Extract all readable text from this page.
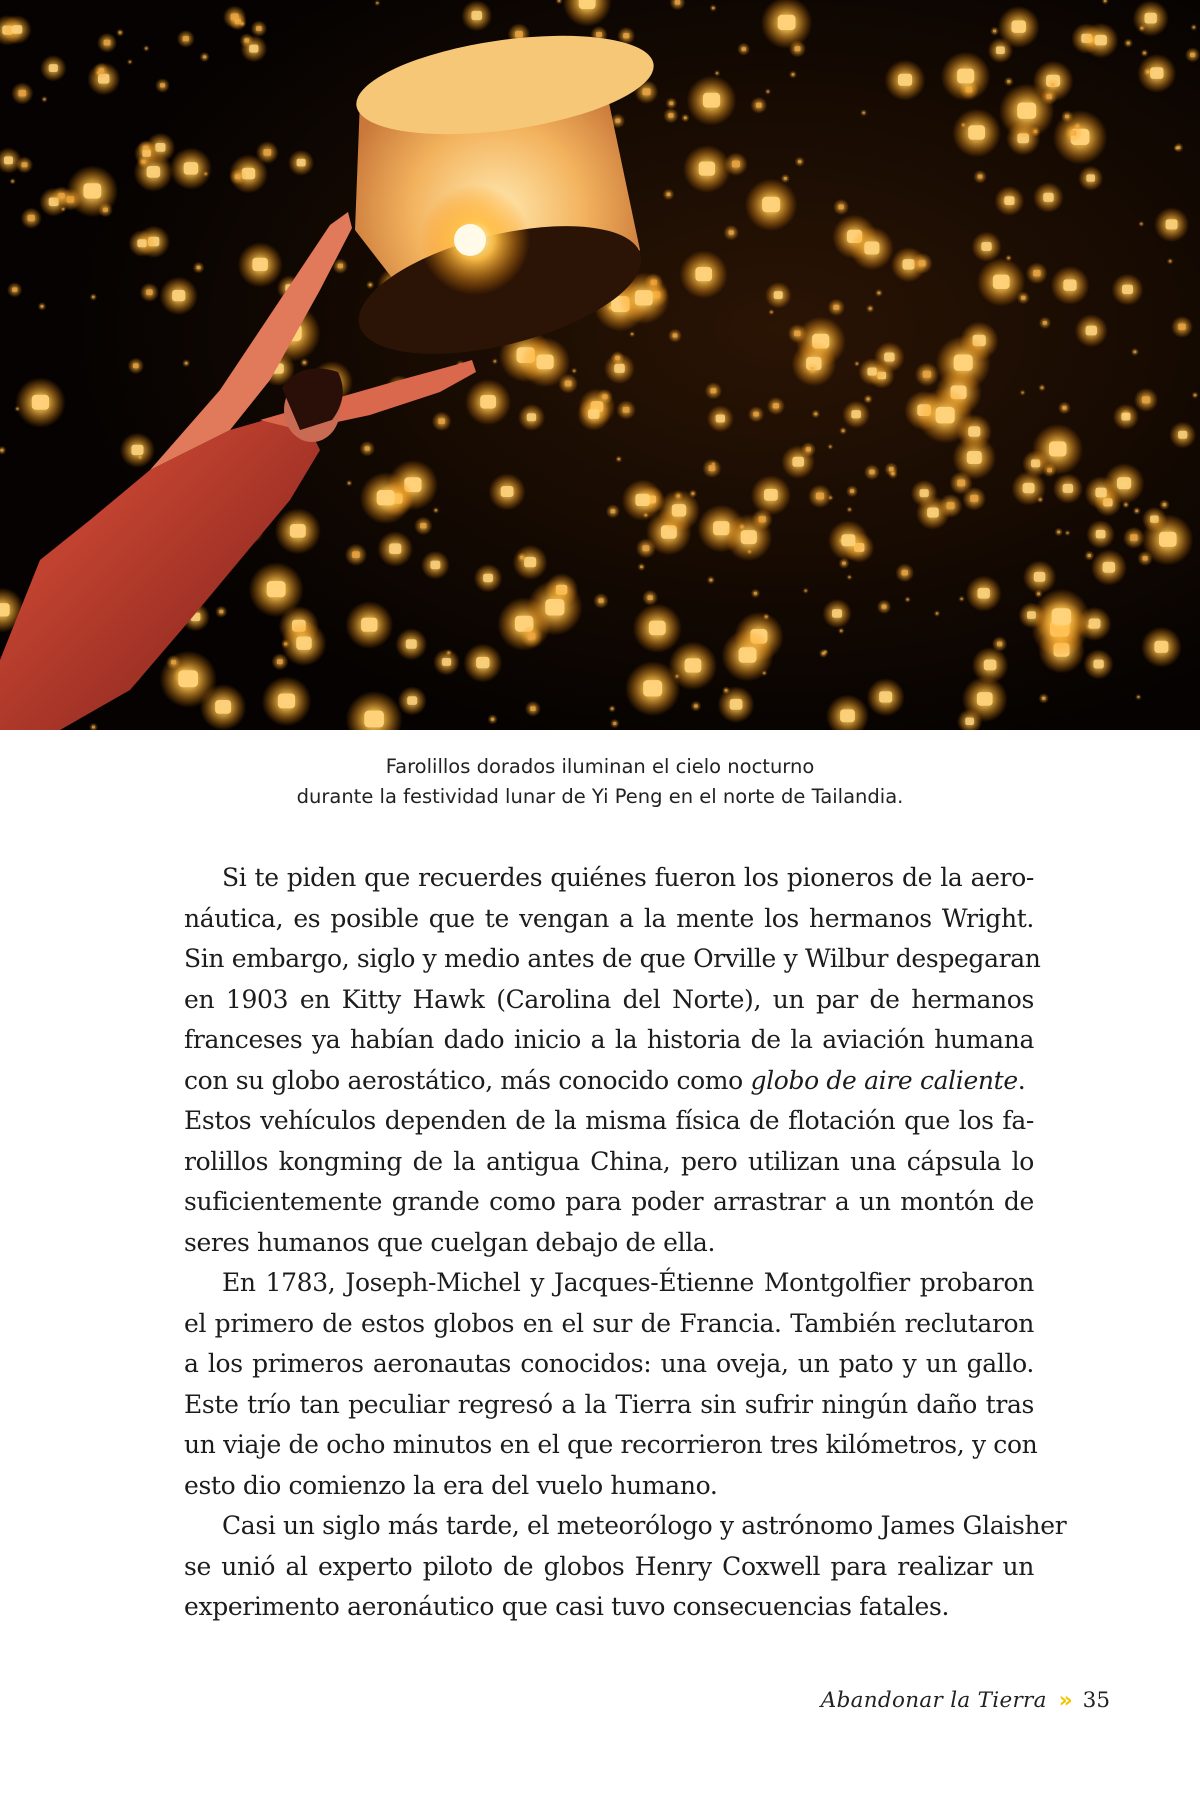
Farolillos dorados iluminan el cielo nocturno
durante la festividad lunar de Yi Peng en el norte de Tailandia.
Si te piden que recuerdes quiénes fueron los pioneros de la aero-
náutica, es posible que te vengan a la mente los hermanos Wright.
Sin embargo, siglo y medio antes de que Orville y Wilbur despegaran
en 1903 en Kitty Hawk (Carolina del Norte), un par de hermanos
franceses ya habían dado inicio a la historia de la aviación humana
con su globo aerostático, más conocido como globo de aire caliente.
Estos vehículos dependen de la misma física de flotación que los fa-
rolillos kongming de la antigua China, pero utilizan una cápsula lo
suficientemente grande como para poder arrastrar a un montón de
seres humanos que cuelgan debajo de ella.
En 1783, Joseph-Michel y Jacques-Étienne Montgolfier probaron
el primero de estos globos en el sur de Francia. También reclutaron
a los primeros aeronautas conocidos: una oveja, un pato y un gallo.
Este trío tan peculiar regresó a la Tierra sin sufrir ningún daño tras
un viaje de ocho minutos en el que recorrieron tres kilómetros, y con
esto dio comienzo la era del vuelo humano.
Casi un siglo más tarde, el meteorólogo y astrónomo James Glaisher
se unió al experto piloto de globos Henry Coxwell para realizar un
experimento aeronáutico que casi tuvo consecuencias fatales.
Abandonar la Tierra » 35
